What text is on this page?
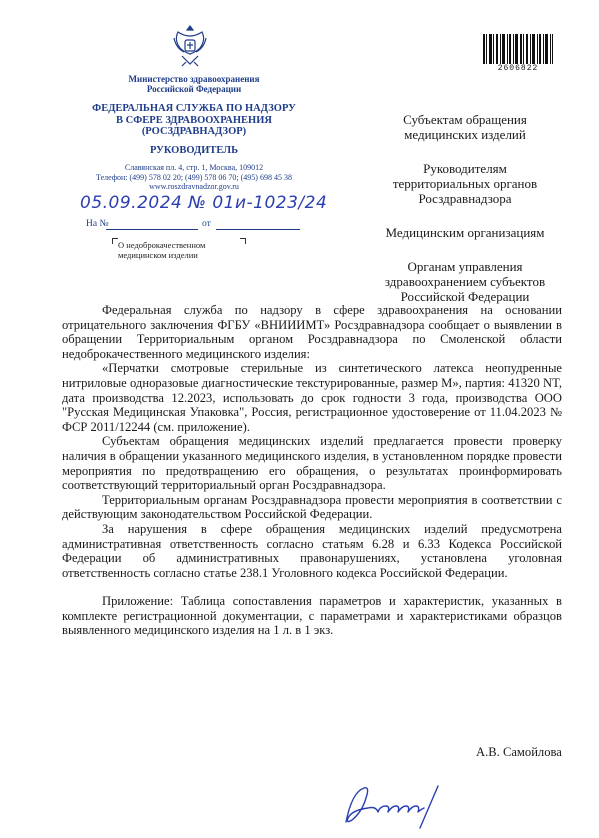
Министерство здравоохранения
Российской Федерации
ФЕДЕРАЛЬНАЯ СЛУЖБА ПО НАДЗОРУ
В СФЕРЕ ЗДРАВООХРАНЕНИЯ
(РОСЗДРАВНАДЗОР)
РУКОВОДИТЕЛЬ
Славянская пл. 4, стр. 1, Москва, 109012
Телефон: (499) 578 02 20; (499) 578 06 70; (495) 698 45 38
www.roszdravnadzor.gov.ru
05.09.2024 № 01и-1023/24
На №	от
О недоброкачественном
медицинском изделии
2606822
Субъектам обращения
медицинских изделий
Руководителям
территориальных органов
Росздравнадзора
Медицинским организациям
Органам управления
здравоохранением субъектов
Российской Федерации

Федеральная служба по надзору в сфере здравоохранения на основании отрицательного заключения ФГБУ «ВНИИИМТ» Росздравнадзора сообщает о выявлении в обращении Территориальным органом Росздравнадзора по Смоленской области недоброкачественного медицинского изделия:

«Перчатки смотровые стерильные из синтетического латекса неопудренные нитриловые одноразовые диагностические текстурированные, размер M», партия: 41320 NT, дата производства 12.2023, использовать до срок годности 3 года, производства ООО "Русская Медицинская Упаковка", Россия, регистрационное удостоверение от 11.04.2023 № ФСР 2011/12244 (см. приложение).

Субъектам обращения медицинских изделий предлагается провести проверку наличия в обращении указанного медицинского изделия, в установленном порядке провести мероприятия по предотвращению его обращения, о результатах проинформировать соответствующий территориальный орган Росздравнадзора.

Территориальным органам Росздравнадзора провести мероприятия в соответствии с действующим законодательством Российской Федерации.

За нарушения в сфере обращения медицинских изделий предусмотрена административная ответственность согласно статьям 6.28 и 6.33 Кодекса Российской Федерации об административных правонарушениях, установлена уголовная ответственность согласно статье 238.1 Уголовного кодекса Российской Федерации.

Приложение: Таблица сопоставления параметров и характеристик, указанных в комплекте регистрационной документации, с параметрами и характеристиками образцов выявленного медицинского изделия на 1 л. в 1 экз.

А.В. Самойлова
